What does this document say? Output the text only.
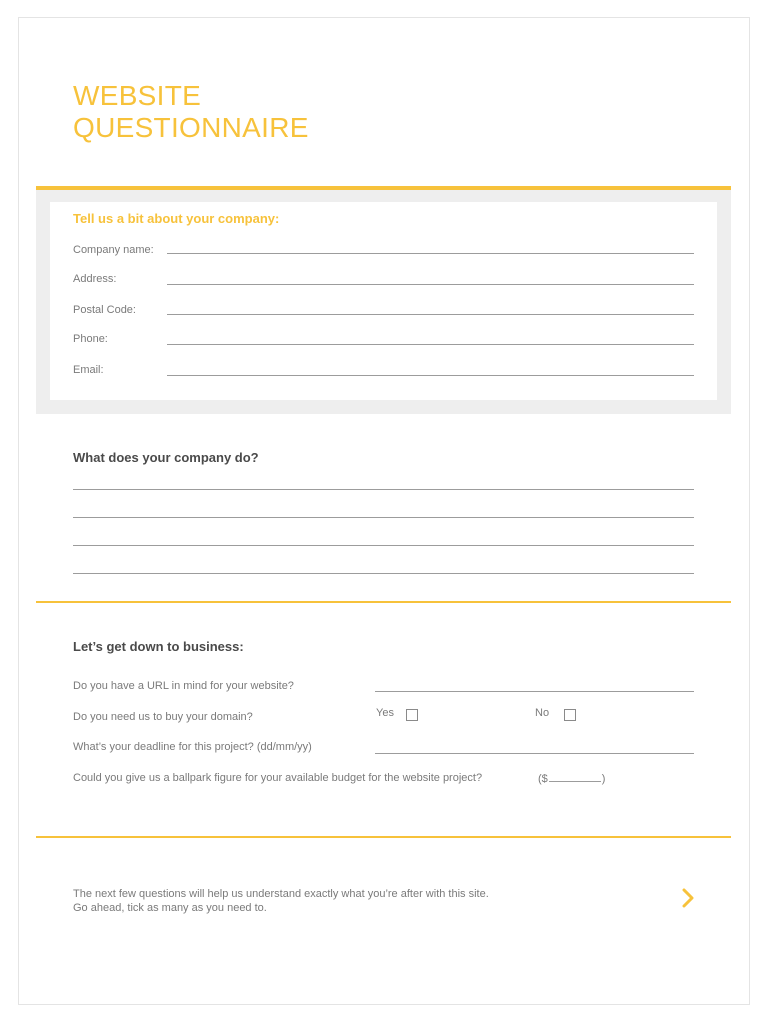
WEBSITE
QUESTIONNAIRE
Tell us a bit about your company:
Company name:
Address:
Postal Code:
Phone:
Email:
What does your company do?
Let’s get down to business:
Do you have a URL in mind for your website?
Do you need us to buy your domain?	Yes	No
What’s your deadline for this project? (dd/mm/yy)
Could you give us a ballpark figure for your available budget for the website project?	($	)
The next few questions will help us understand exactly what you’re after with this site.
Go ahead, tick as many as you need to.
